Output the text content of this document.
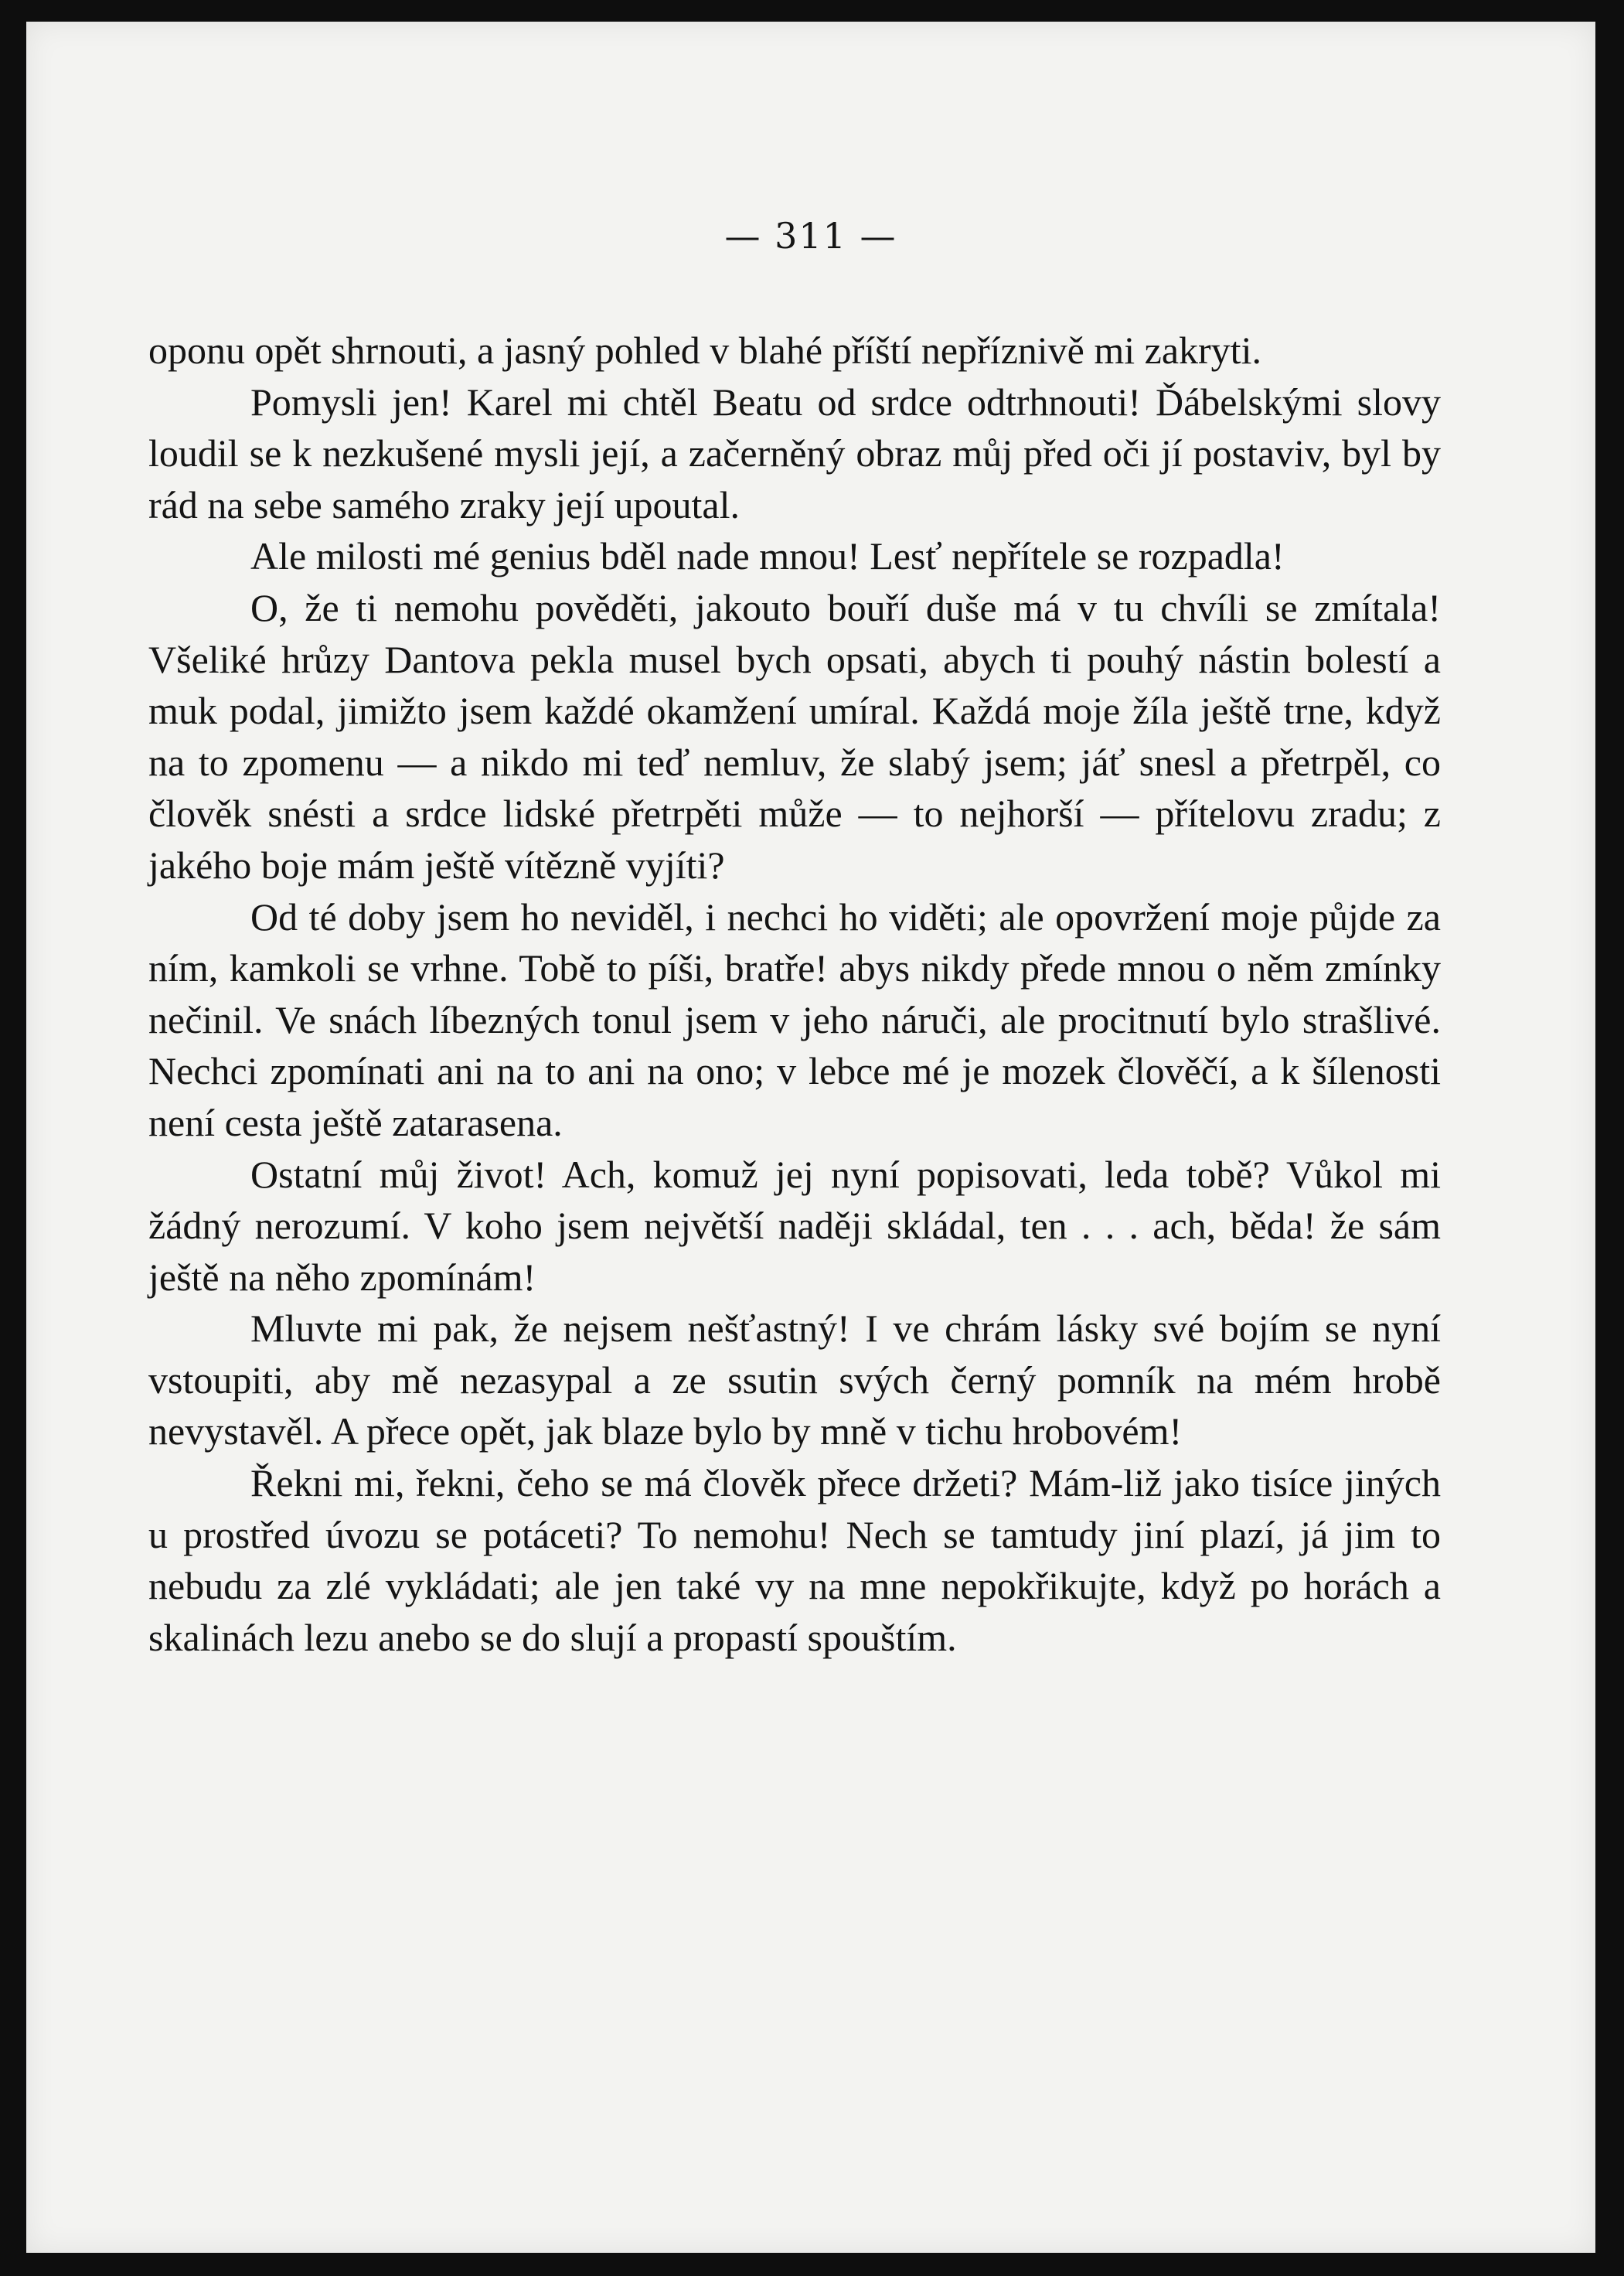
— 311 —

oponu opět shrnouti, a jasný pohled v blahé příští nepříznivě mi zakryti.

Pomysli jen! Karel mi chtěl Beatu od srdce odtrhnouti! Ďábelskými slovy loudil se k nezkušené mysli její, a začerněný obraz můj před oči jí postaviv, byl by rád na sebe samého zraky její upoutal.

Ale milosti mé genius bděl nade mnou! Lesť nepřítele se rozpadla!

O, že ti nemohu pověděti, jakouto bouří duše má v tu chvíli se zmítala! Všeliké hrůzy Dantova pekla musel bych opsati, abych ti pouhý nástin bolestí a muk podal, jimižto jsem každé okamžení umíral. Každá moje žíla ještě trne, když na to zpomenu — a nikdo mi teď nemluv, že slabý jsem; jáť snesl a přetrpěl, co člověk snésti a srdce lidské přetrpěti může — to nejhorší — přítelovu zradu; z jakého boje mám ještě vítězně vyjíti?

Od té doby jsem ho neviděl, i nechci ho viděti; ale opovržení moje půjde za ním, kamkoli se vrhne. Tobě to píši, bratře! abys nikdy přede mnou o něm zmínky nečinil. Ve snách líbezných tonul jsem v jeho náruči, ale procitnutí bylo strašlivé. Nechci zpomínati ani na to ani na ono; v lebce mé je mozek člověčí, a k šílenosti není cesta ještě zatarasena.

Ostatní můj život! Ach, komuž jej nyní popisovati, leda tobě? Vůkol mi žádný nerozumí. V koho jsem největší naději skládal, ten . . . ach, běda! že sám ještě na něho zpomínám!

Mluvte mi pak, že nejsem nešťastný! I ve chrám lásky své bojím se nyní vstoupiti, aby mě nezasypal a ze ssutin svých černý pomník na mém hrobě nevystavěl. A přece opět, jak blaze bylo by mně v tichu hrobovém!

Řekni mi, řekni, čeho se má člověk přece držeti? Mám-liž jako tisíce jiných u prostřed úvozu se potáceti? To nemohu! Nech se tamtudy jiní plazí, já jim to nebudu za zlé vykládati; ale jen také vy na mne nepokřikujte, když po horách a skalinách lezu anebo se do slují a propastí spouštím.
